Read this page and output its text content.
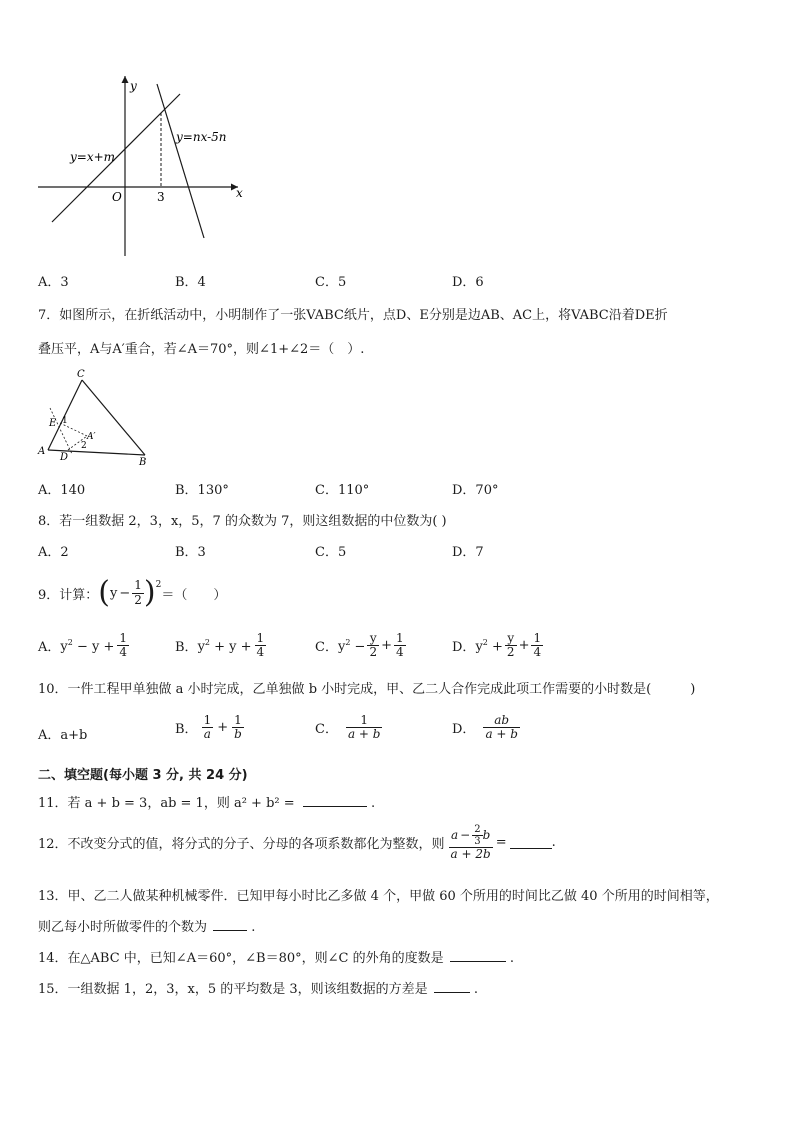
y
x
O	3
y=x+m
y=nx-5n
A．3	B．4	C．5	D．6
7．如图所示，在折纸活动中，小明制作了一张VABC纸片，点D、E分别是边AB、AC上，将VABC沿着DE折
叠压平，A与A′重合，若∠A＝70°，则∠1+∠2＝（　）.
C
E 1
A′
2
A
D	B
A．140	B．130°	C．110°	D．70°
8．若一组数据 2，3，x，5，7 的众数为 7，则这组数据的中位数为( )
A．2	B．3	C．5	D．7
9．计算： ( $y - \frac{1}{2}$ ) 2
＝（　　）
A． $y^2 - y + \frac{1}{4}$	B． $y^2 + y + \frac{1}{4}$	C． $y^2 - \frac{y}{2} + \frac{1}{4}$	D． $y^2 + \frac{y}{2} + \frac{1}{4}$
10．一件工程甲单独做 a 小时完成，乙单独做 b 小时完成，甲、乙二人合作完成此项工作需要的小时数是(　　　)
A．a+b	B． $\frac{1}{a} + \frac{1}{b}$	C． $\frac{1}{a + b}$	D． $\frac{ab}{a + b}$
二、填空题(每小题 3 分, 共 24 分)
11．若 a + b = 3，ab = 1，则 a² + b² =	.
12．不改变分式的值，将分式的分子、分母的各项系数都化为整数，则 $\frac{a - \frac{2}{3} b}{a + 2b}$ =	.
13．甲、乙二人做某种机械零件．已知甲每小时比乙多做 4 个，甲做 60 个所用的时间比乙做 40 个所用的时间相等，
则乙每小时所做零件的个数为	.
14．在△ABC 中，已知∠A＝60°，∠B＝80°，则∠C 的外角的度数是	.
15．一组数据 1，2，3，x，5 的平均数是 3，则该组数据的方差是	.
